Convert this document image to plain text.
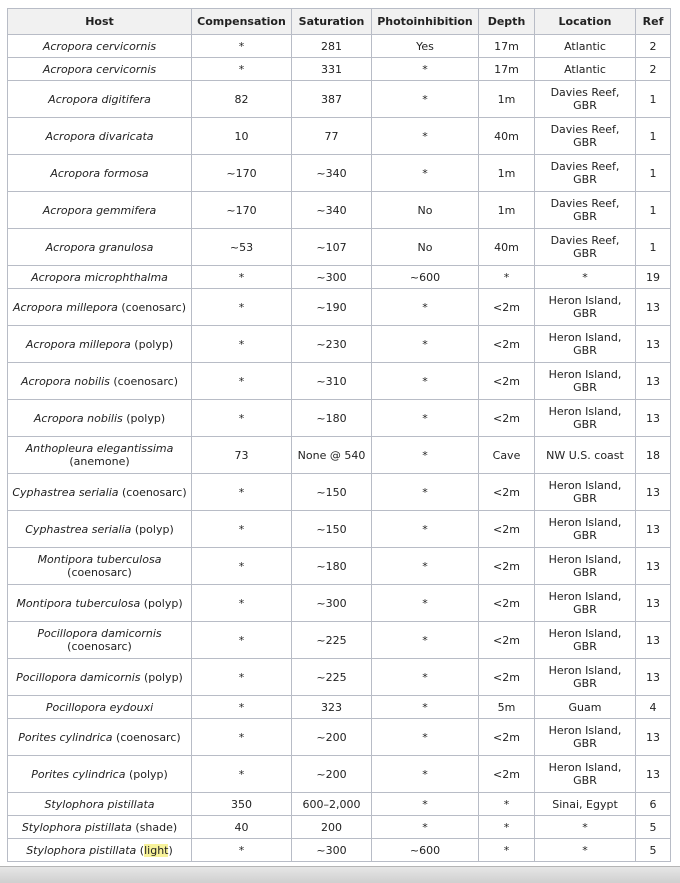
Host	Compensation	Saturation	Photoinhibition	Depth	Location	Ref
Acropora cervicornis	*	281	Yes	17m	Atlantic	2
Acropora cervicornis	*	331	*	17m	Atlantic	2
Acropora digitifera	82	387	*	1m	Davies Reef, GBR	1
Acropora divaricata	10	77	*	40m	Davies Reef, GBR	1
Acropora formosa	~170	~340	*	1m	Davies Reef, GBR	1
Acropora gemmifera	~170	~340	No	1m	Davies Reef, GBR	1
Acropora granulosa	~53	~107	No	40m	Davies Reef, GBR	1
Acropora microphthalma	*	~300	~600	*	*	19
Acropora millepora (coenosarc)	*	~190	*	<2m	Heron Island, GBR	13
Acropora millepora (polyp)	*	~230	*	<2m	Heron Island, GBR	13
Acropora nobilis (coenosarc)	*	~310	*	<2m	Heron Island, GBR	13
Acropora nobilis (polyp)	*	~180	*	<2m	Heron Island, GBR	13
Anthopleura elegantissima (anemone)	73	None @ 540	*	Cave	NW U.S. coast	18
Cyphastrea serialia (coenosarc)	*	~150	*	<2m	Heron Island, GBR	13
Cyphastrea serialia (polyp)	*	~150	*	<2m	Heron Island, GBR	13
Montipora tuberculosa (coenosarc)	*	~180	*	<2m	Heron Island, GBR	13
Montipora tuberculosa (polyp)	*	~300	*	<2m	Heron Island, GBR	13
Pocillopora damicornis (coenosarc)	*	~225	*	<2m	Heron Island, GBR	13
Pocillopora damicornis (polyp)	*	~225	*	<2m	Heron Island, GBR	13
Pocillopora eydouxi	*	323	*	5m	Guam	4
Porites cylindrica (coenosarc)	*	~200	*	<2m	Heron Island, GBR	13
Porites cylindrica (polyp)	*	~200	*	<2m	Heron Island, GBR	13
Stylophora pistillata	350	600–2,000	*	*	Sinai, Egypt	6
Stylophora pistillata (shade)	40	200	*	*	*	5
Stylophora pistillata (light)	*	~300	~600	*	*	5
